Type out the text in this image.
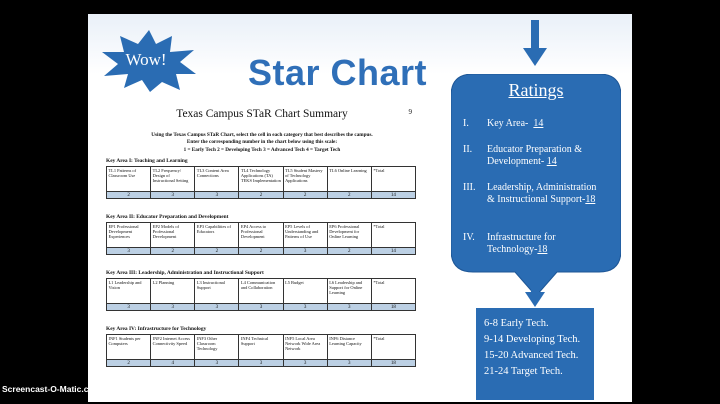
Wow! Star Chart
Texas Campus STaR Chart Summary	9
Using the Texas Campus STaR Chart, select the cell in each category that best describes the campus.
Enter the corresponding number in the chart below using this scale:
1 = Early Tech 2 = Developing Tech 3 = Advanced Tech 4 = Target Tech
Key Area I: Teaching and Learning
TL1 Patterns of Classroom Use	TL2 Frequency/ Design of Instructional Setting	TL3 Content Area Connections	TL4 Technology Applications (TA) TEKS Implementation	TL5 Student Mastery of Technology Applications	TL6 Online Learning	*Total
2	3	3	2	2	2	14
Key Area II: Educator Preparation and Development
EP1 Professional Development Experiences	EP2 Models of Professional Development	EP3 Capabilities of Educators	EP4 Access to Professional Development	EP5 Levels of Understanding and Patterns of Use	EP6 Professional Development for Online Learning	*Total
3	2	2	2	3	2	14
Key Area III: Leadership, Administration and Instructional Support
L1 Leadership and Vision	L2 Planning	L3 Instructional Support	L4 Communication and Collaboration	L5 Budget	L6 Leadership and Support for Online Learning	*Total
3	3	3	3	3	3	18
Key Area IV: Infrastructure for Technology
INF1 Students per Computers	INF2 Internet Access Connectivity Speed	INF3 Other Classroom Technology	INF4 Technical Support	INF5 Local Area Network Wide Area Network	INF6 Distance Learning Capacity	*Total
2	4	3	3	3	3	18
Ratings
I. Key Area- 14
II. Educator Preparation & Development- 14
III. Leadership, Administration & Instructional Support-18
IV. Infrastructure for Technology-18
6-8 Early Tech.
9-14 Developing Tech.
15-20 Advanced Tech.
21-24 Target Tech.
Screencast-O-Matic.com
